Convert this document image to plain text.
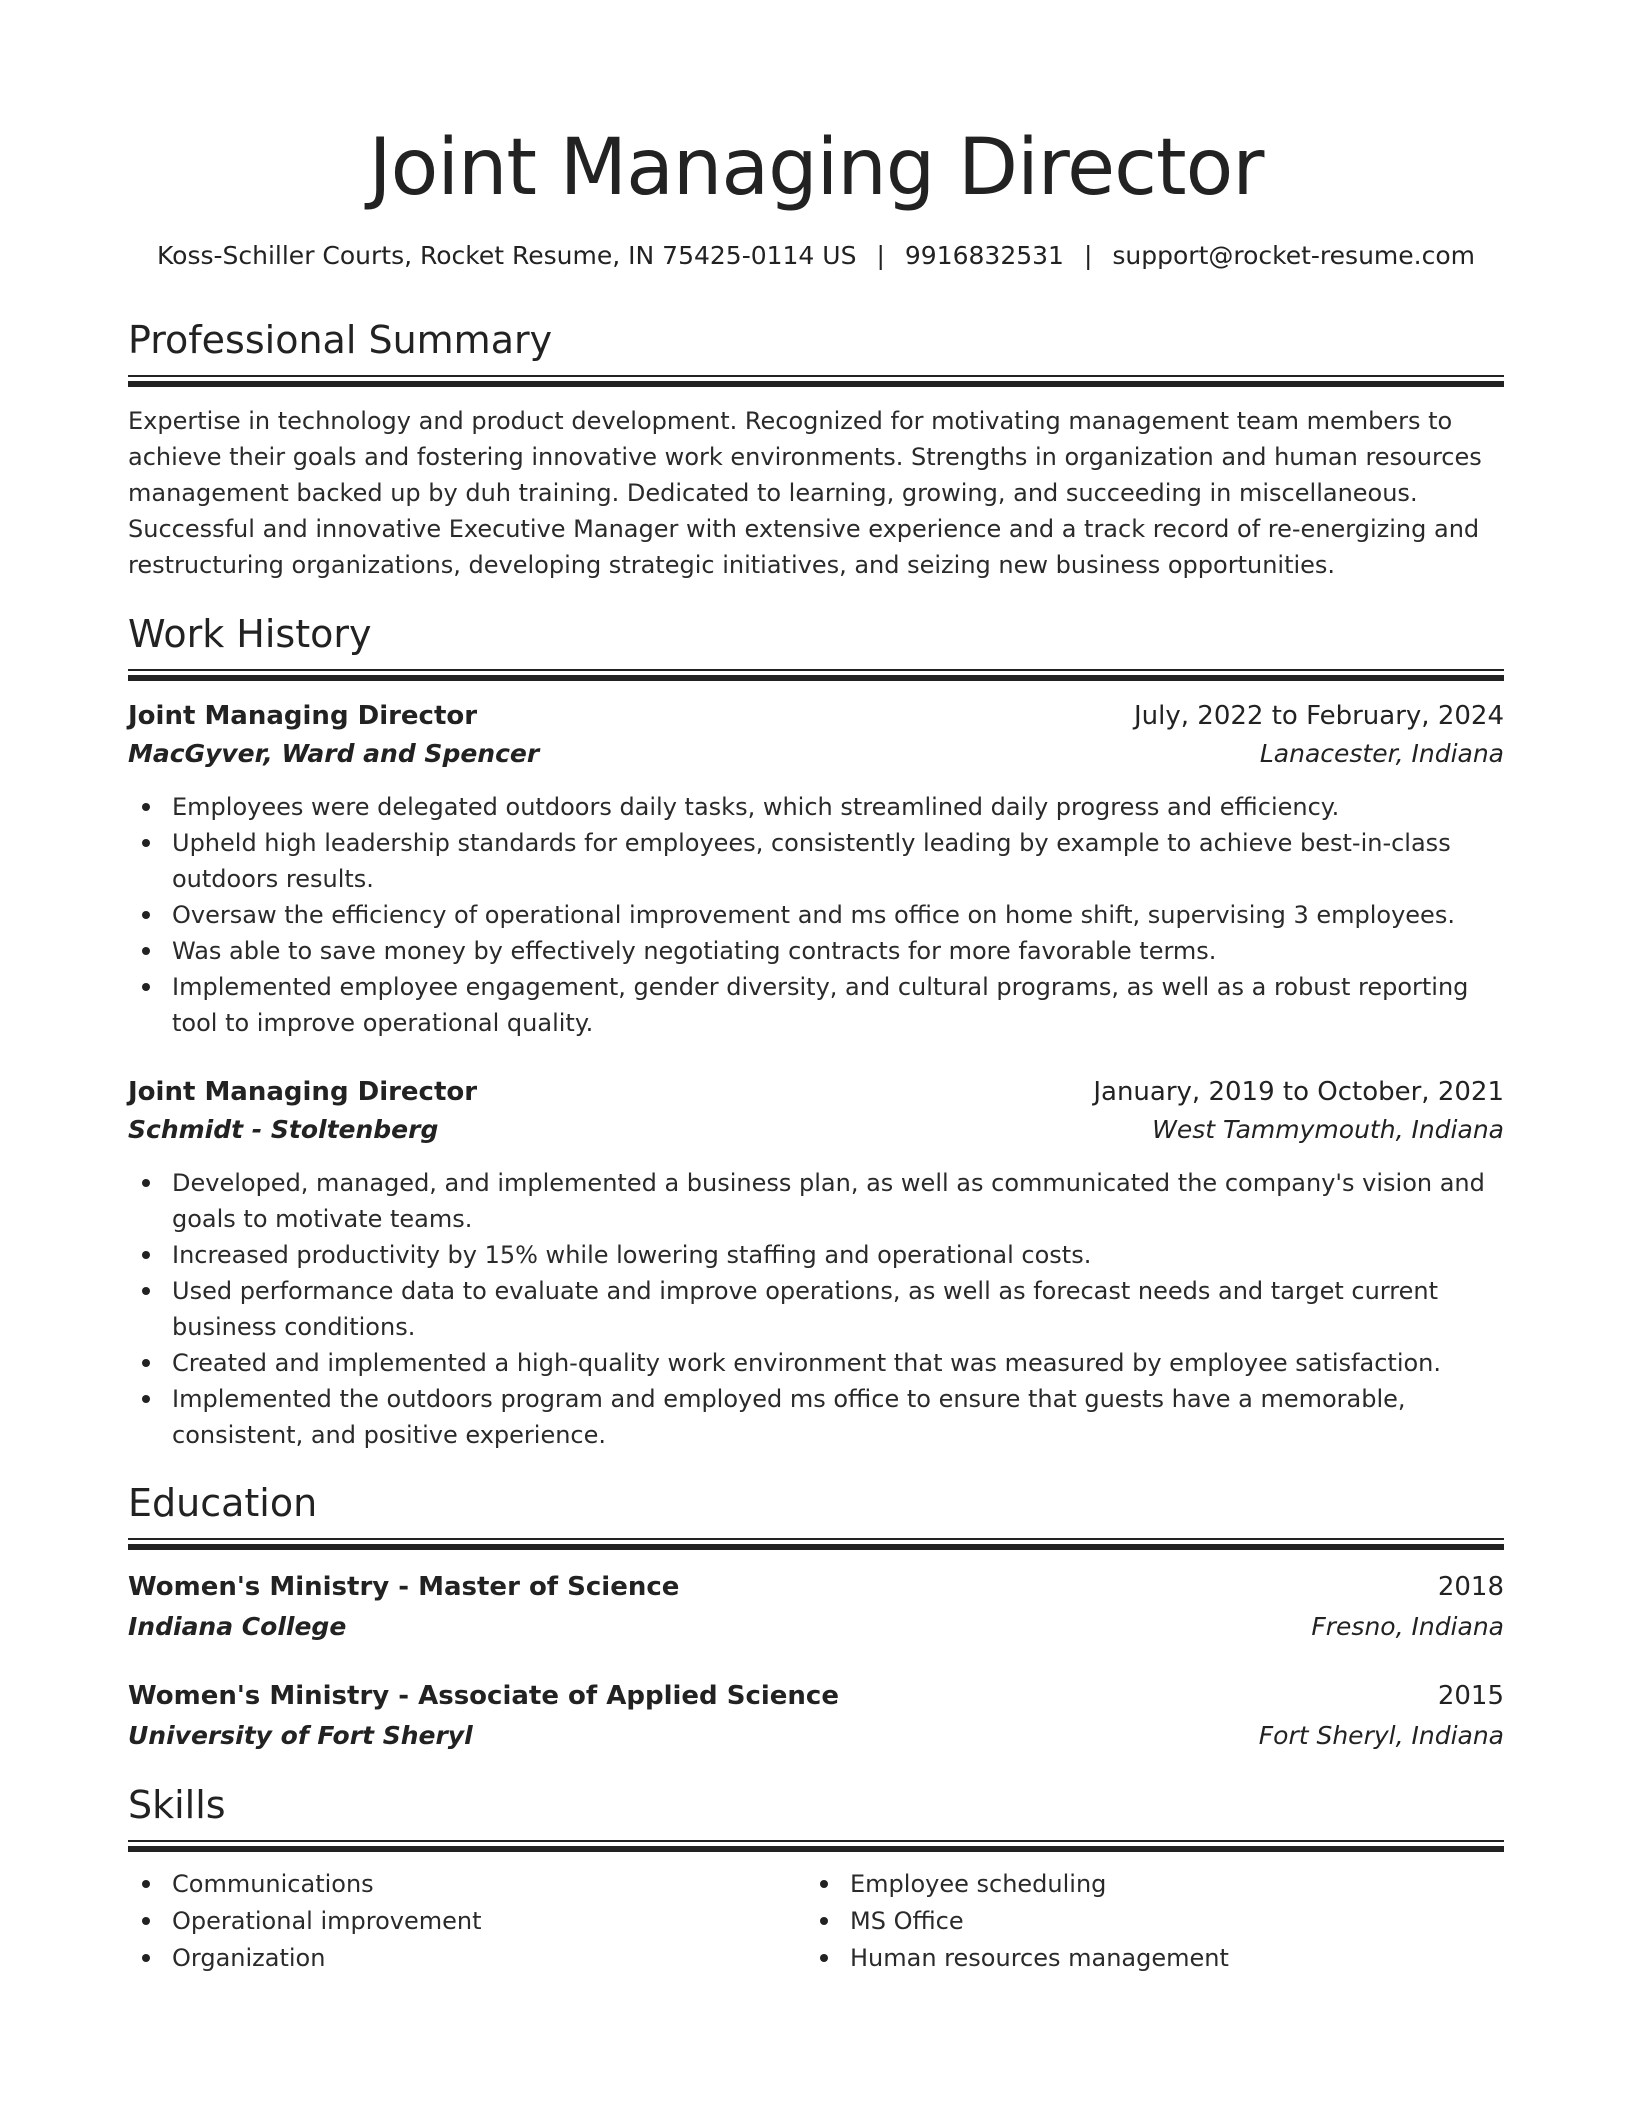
Joint Managing Director
Koss-Schiller Courts, Rocket Resume, IN 75425-0114 US | 9916832531 | support@rocket-resume.com
Professional Summary
Expertise in technology and product development. Recognized for motivating management team members to achieve their goals and fostering innovative work environments. Strengths in organization and human resources management backed up by duh training. Dedicated to learning, growing, and succeeding in miscellaneous. Successful and innovative Executive Manager with extensive experience and a track record of re-energizing and restructuring organizations, developing strategic initiatives, and seizing new business opportunities.
Work History
Joint Managing Director	July, 2022 to February, 2024
MacGyver, Ward and Spencer	Lanacester, Indiana
Employees were delegated outdoors daily tasks, which streamlined daily progress and efficiency.
Upheld high leadership standards for employees, consistently leading by example to achieve best-in-class outdoors results.
Oversaw the efficiency of operational improvement and ms office on home shift, supervising 3 employees.
Was able to save money by effectively negotiating contracts for more favorable terms.
Implemented employee engagement, gender diversity, and cultural programs, as well as a robust reporting tool to improve operational quality.
Joint Managing Director	January, 2019 to October, 2021
Schmidt - Stoltenberg	West Tammymouth, Indiana
Developed, managed, and implemented a business plan, as well as communicated the company's vision and goals to motivate teams.
Increased productivity by 15% while lowering staffing and operational costs.
Used performance data to evaluate and improve operations, as well as forecast needs and target current business conditions.
Created and implemented a high-quality work environment that was measured by employee satisfaction.
Implemented the outdoors program and employed ms office to ensure that guests have a memorable, consistent, and positive experience.
Education
Women's Ministry - Master of Science	2018
Indiana College	Fresno, Indiana
Women's Ministry - Associate of Applied Science	2015
University of Fort Sheryl	Fort Sheryl, Indiana
Skills
Communications
Operational improvement
Organization
Employee scheduling
MS Office
Human resources management
